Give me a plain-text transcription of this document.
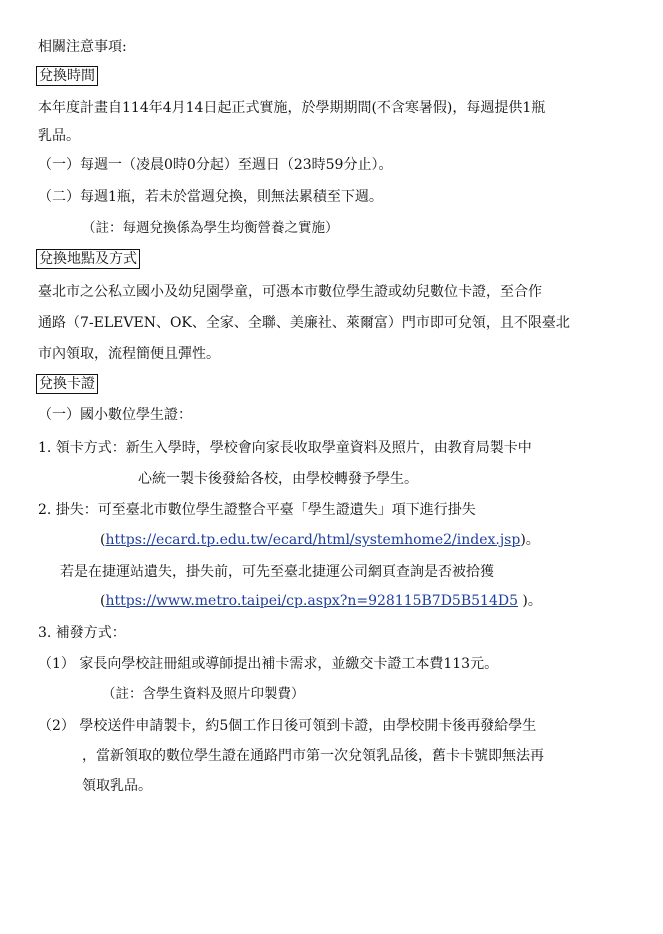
相關注意事項:
兌換時間
本年度計畫自114年4月14日起正式實施，於學期期間(不含寒暑假)，每週提供1瓶
乳品。
（一）每週一（凌晨0時0分起）至週日（23時59分止）。
（二）每週1瓶，若未於當週兌換，則無法累積至下週。
（註：每週兌換係為學生均衡營養之實施）
兌換地點及方式
臺北市之公私立國小及幼兒園學童，可憑本市數位學生證或幼兒數位卡證，至合作
通路（7-ELEVEN、OK、全家、全聯、美廉社、萊爾富）門市即可兌領，且不限臺北
市內領取，流程簡便且彈性。
兌換卡證
（一）國小數位學生證：
1. 領卡方式：新生入學時，學校會向家長收取學童資料及照片，由教育局製卡中
心統一製卡後發給各校，由學校轉發予學生。
2. 掛失：可至臺北市數位學生證整合平臺「學生證遺失」項下進行掛失
(https://ecard.tp.edu.tw/ecard/html/systemhome2/index.jsp)。
若是在捷運站遺失，掛失前，可先至臺北捷運公司網頁查詢是否被拾獲
(https://www.metro.taipei/cp.aspx?n=928115B7D5B514D5 )。
3. 補發方式：
（1） 家長向學校註冊組或導師提出補卡需求，並繳交卡證工本費113元。
（註：含學生資料及照片印製費）
（2） 學校送件申請製卡，約5個工作日後可領到卡證，由學校開卡後再發給學生
，當新領取的數位學生證在通路門市第一次兌領乳品後，舊卡卡號即無法再
領取乳品。
